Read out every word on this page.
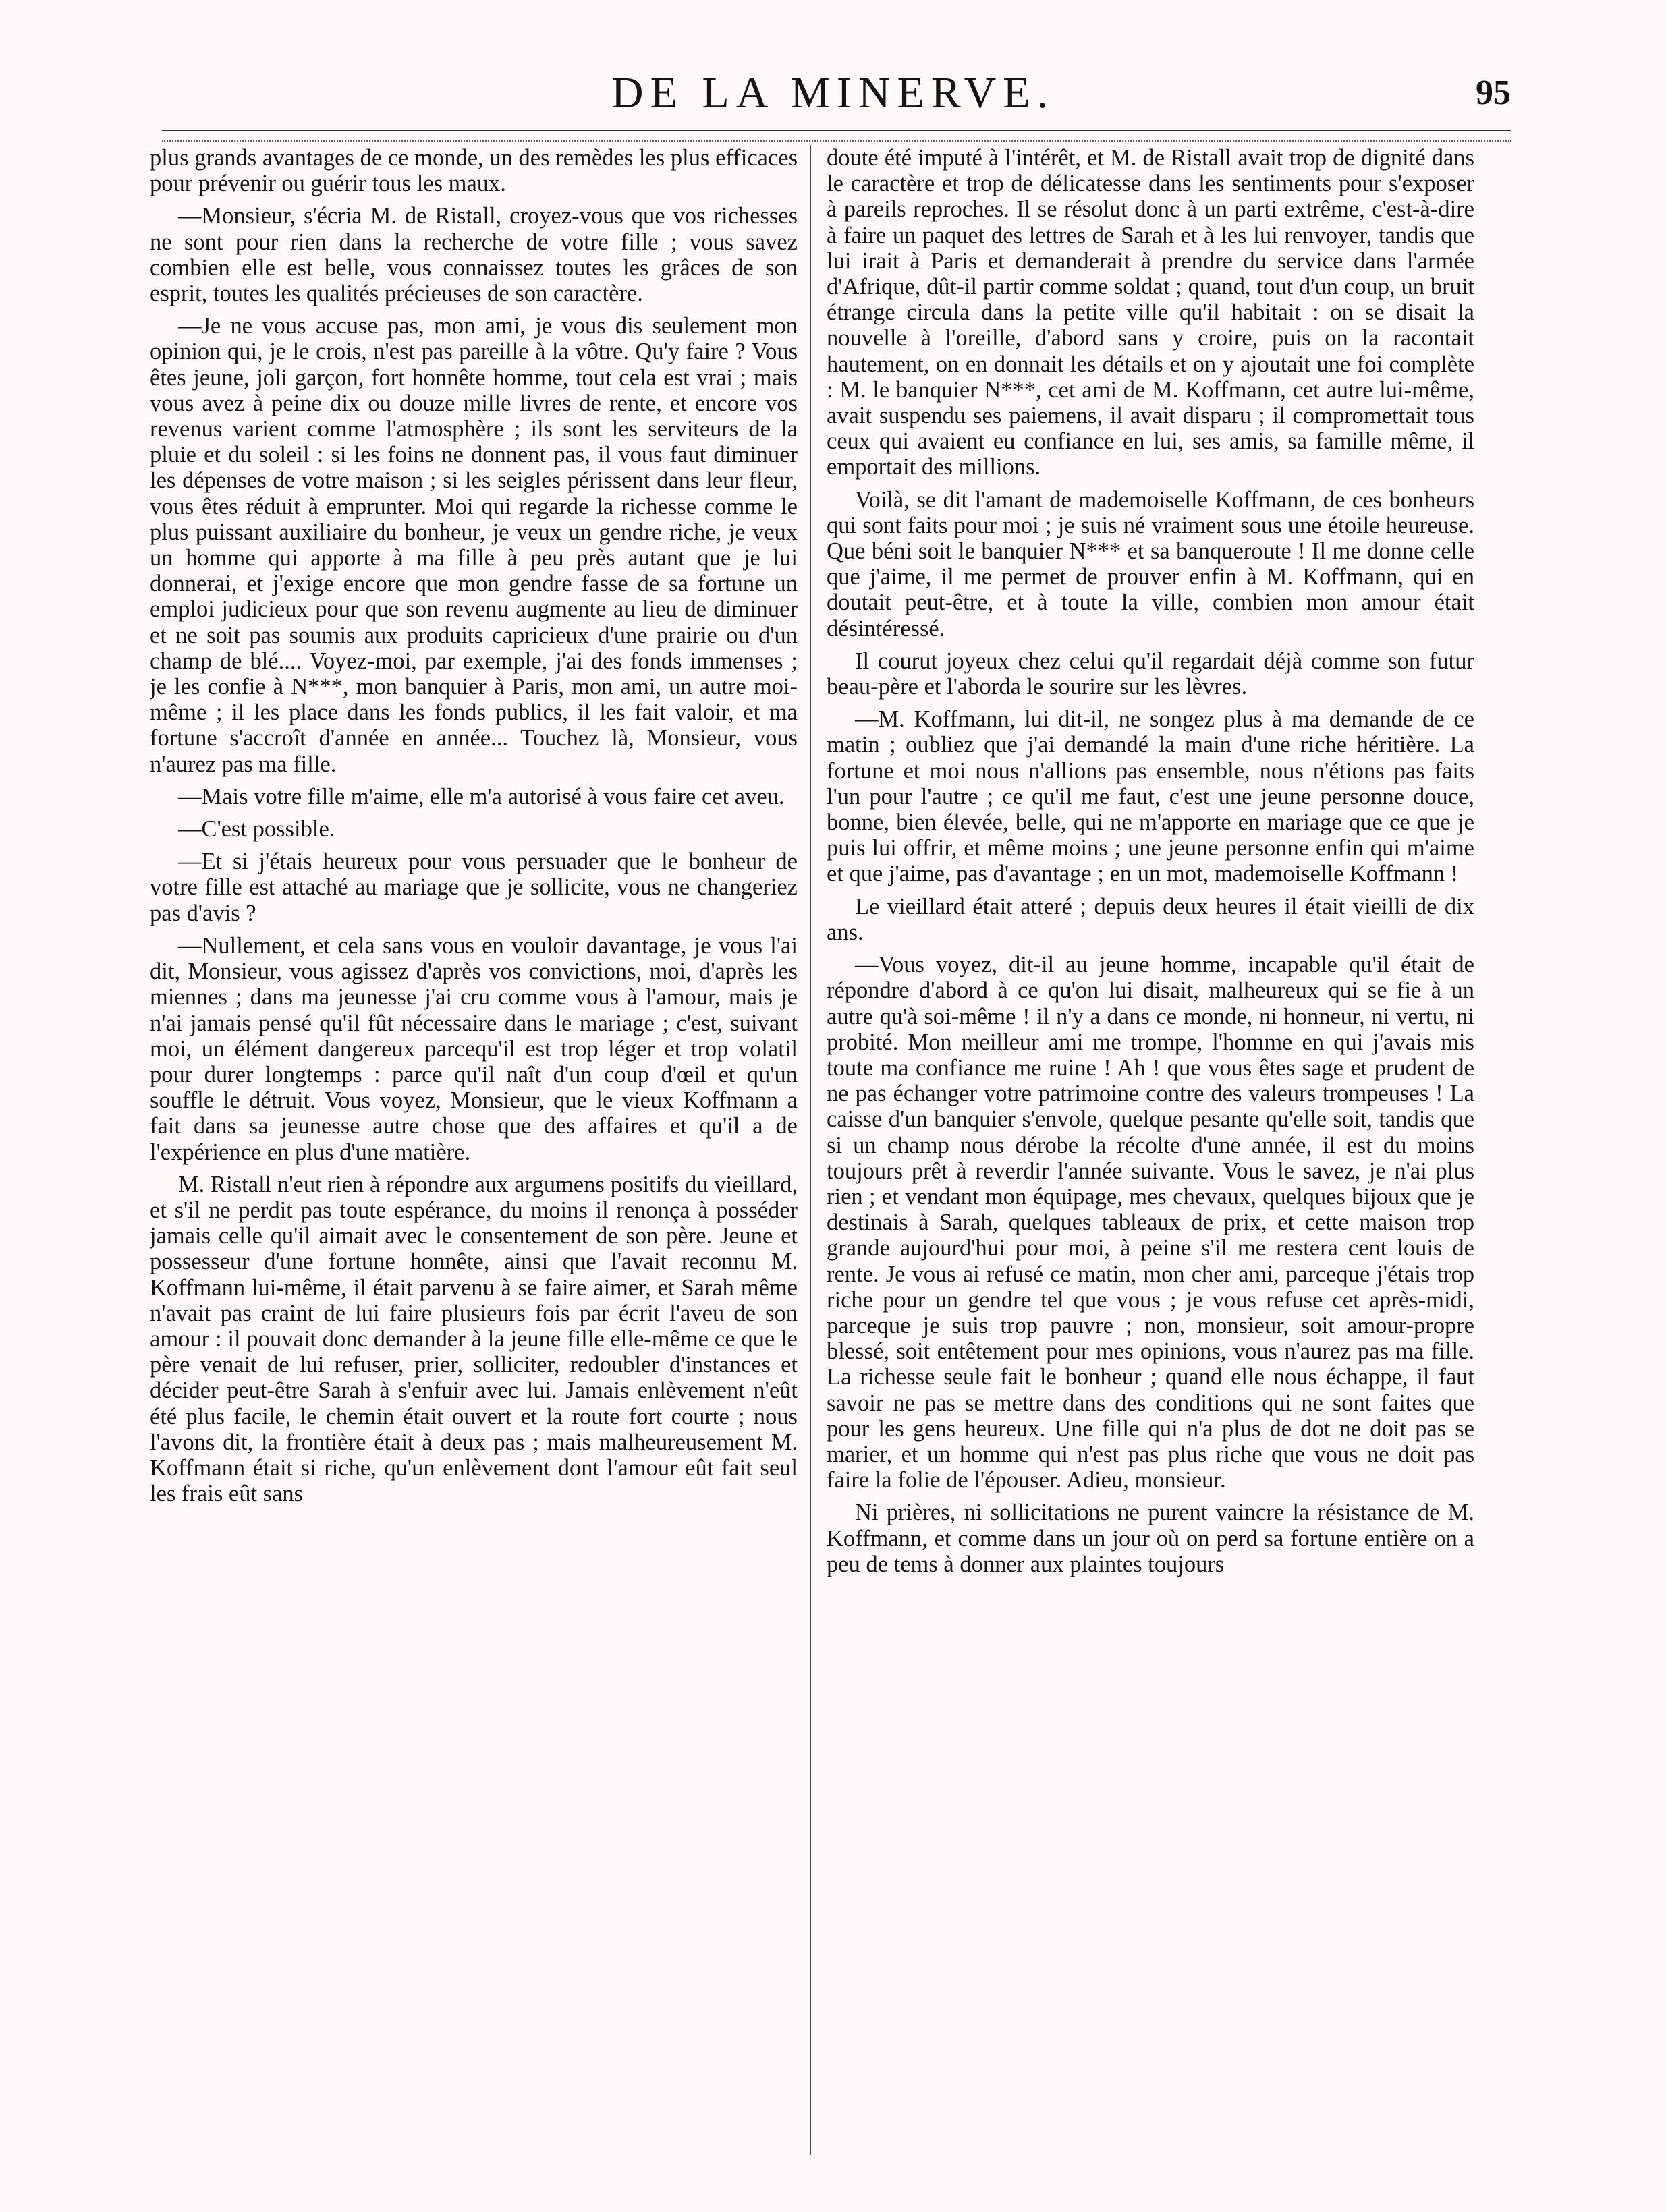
DE LA MINERVE.	95

plus grands avantages de ce monde, un des remèdes les plus efficaces pour prévenir ou guérir tous les maux.

—Monsieur, s'écria M. de Ristall, croyez-vous que vos richesses ne sont pour rien dans la recherche de votre fille ; vous savez combien elle est belle, vous connaissez toutes les grâces de son esprit, toutes les qualités précieuses de son caractère.

—Je ne vous accuse pas, mon ami, je vous dis seulement mon opinion qui, je le crois, n'est pas pareille à la vôtre. Qu'y faire ? Vous êtes jeune, joli garçon, fort honnête homme, tout cela est vrai ; mais vous avez à peine dix ou douze mille livres de rente, et encore vos revenus varient comme l'atmosphère ; ils sont les serviteurs de la pluie et du soleil : si les foins ne donnent pas, il vous faut diminuer les dépenses de votre maison ; si les seigles périssent dans leur fleur, vous êtes réduit à emprunter. Moi qui regarde la richesse comme le plus puissant auxiliaire du bonheur, je veux un gendre riche, je veux un homme qui apporte à ma fille à peu près autant que je lui donnerai, et j'exige encore que mon gendre fasse de sa fortune un emploi judicieux pour que son revenu augmente au lieu de diminuer et ne soit pas soumis aux produits capricieux d'une prairie ou d'un champ de blé.... Voyez-moi, par exemple, j'ai des fonds immenses ; je les confie à N***, mon banquier à Paris, mon ami, un autre moi-même ; il les place dans les fonds publics, il les fait valoir, et ma fortune s'accroît d'année en année... Touchez là, Monsieur, vous n'aurez pas ma fille.

—Mais votre fille m'aime, elle m'a autorisé à vous faire cet aveu.

—C'est possible.

—Et si j'étais heureux pour vous persuader que le bonheur de votre fille est attaché au mariage que je sollicite, vous ne changeriez pas d'avis ?

—Nullement, et cela sans vous en vouloir davantage, je vous l'ai dit, Monsieur, vous agissez d'après vos convictions, moi, d'après les miennes ; dans ma jeunesse j'ai cru comme vous à l'amour, mais je n'ai jamais pensé qu'il fût nécessaire dans le mariage ; c'est, suivant moi, un élément dangereux parcequ'il est trop léger et trop volatil pour durer longtemps : parce qu'il naît d'un coup d'œil et qu'un souffle le détruit. Vous voyez, Monsieur, que le vieux Koffmann a fait dans sa jeunesse autre chose que des affaires et qu'il a de l'expérience en plus d'une matière.

M. Ristall n'eut rien à répondre aux argumens positifs du vieillard, et s'il ne perdit pas toute espérance, du moins il renonça à posséder jamais celle qu'il aimait avec le consentement de son père. Jeune et possesseur d'une fortune honnête, ainsi que l'avait reconnu M. Koffmann lui-même, il était parvenu à se faire aimer, et Sarah même n'avait pas craint de lui faire plusieurs fois par écrit l'aveu de son amour : il pouvait donc demander à la jeune fille elle-même ce que le père venait de lui refuser, prier, solliciter, redoubler d'instances et décider peut-être Sarah à s'enfuir avec lui. Jamais enlèvement n'eût été plus facile, le chemin était ouvert et la route fort courte ; nous l'avons dit, la frontière était à deux pas ; mais malheureusement M. Koffmann était si riche, qu'un enlèvement dont l'amour eût fait seul les frais eût sans

doute été imputé à l'intérêt, et M. de Ristall avait trop de dignité dans le caractère et trop de délicatesse dans les sentiments pour s'exposer à pareils reproches. Il se résolut donc à un parti extrême, c'est-à-dire à faire un paquet des lettres de Sarah et à les lui renvoyer, tandis que lui irait à Paris et demanderait à prendre du service dans l'armée d'Afrique, dût-il partir comme soldat ; quand, tout d'un coup, un bruit étrange circula dans la petite ville qu'il habitait : on se disait la nouvelle à l'oreille, d'abord sans y croire, puis on la racontait hautement, on en donnait les détails et on y ajoutait une foi complète : M. le banquier N***, cet ami de M. Koffmann, cet autre lui-même, avait suspendu ses paiemens, il avait disparu ; il compromettait tous ceux qui avaient eu confiance en lui, ses amis, sa famille même, il emportait des millions.

Voilà, se dit l'amant de mademoiselle Koffmann, de ces bonheurs qui sont faits pour moi ; je suis né vraiment sous une étoile heureuse. Que béni soit le banquier N*** et sa banqueroute ! Il me donne celle que j'aime, il me permet de prouver enfin à M. Koffmann, qui en doutait peut-être, et à toute la ville, combien mon amour était désintéressé.

Il courut joyeux chez celui qu'il regardait déjà comme son futur beau-père et l'aborda le sourire sur les lèvres.

—M. Koffmann, lui dit-il, ne songez plus à ma demande de ce matin ; oubliez que j'ai demandé la main d'une riche héritière. La fortune et moi nous n'allions pas ensemble, nous n'étions pas faits l'un pour l'autre ; ce qu'il me faut, c'est une jeune personne douce, bonne, bien élevée, belle, qui ne m'apporte en mariage que ce que je puis lui offrir, et même moins ; une jeune personne enfin qui m'aime et que j'aime, pas d'avantage ; en un mot, mademoiselle Koffmann !

Le vieillard était atteré ; depuis deux heures il était vieilli de dix ans.

—Vous voyez, dit-il au jeune homme, incapable qu'il était de répondre d'abord à ce qu'on lui disait, malheureux qui se fie à un autre qu'à soi-même ! il n'y a dans ce monde, ni honneur, ni vertu, ni probité. Mon meilleur ami me trompe, l'homme en qui j'avais mis toute ma confiance me ruine ! Ah ! que vous êtes sage et prudent de ne pas échanger votre patrimoine contre des valeurs trompeuses ! La caisse d'un banquier s'envole, quelque pesante qu'elle soit, tandis que si un champ nous dérobe la récolte d'une année, il est du moins toujours prêt à reverdir l'année suivante. Vous le savez, je n'ai plus rien ; et vendant mon équipage, mes chevaux, quelques bijoux que je destinais à Sarah, quelques tableaux de prix, et cette maison trop grande aujourd'hui pour moi, à peine s'il me restera cent louis de rente. Je vous ai refusé ce matin, mon cher ami, parceque j'étais trop riche pour un gendre tel que vous ; je vous refuse cet après-midi, parceque je suis trop pauvre ; non, monsieur, soit amour-propre blessé, soit entêtement pour mes opinions, vous n'aurez pas ma fille. La richesse seule fait le bonheur ; quand elle nous échappe, il faut savoir ne pas se mettre dans des conditions qui ne sont faites que pour les gens heureux. Une fille qui n'a plus de dot ne doit pas se marier, et un homme qui n'est pas plus riche que vous ne doit pas faire la folie de l'épouser. Adieu, monsieur.

Ni prières, ni sollicitations ne purent vaincre la résistance de M. Koffmann, et comme dans un jour où on perd sa fortune entière on a peu de tems à donner aux plaintes toujours
